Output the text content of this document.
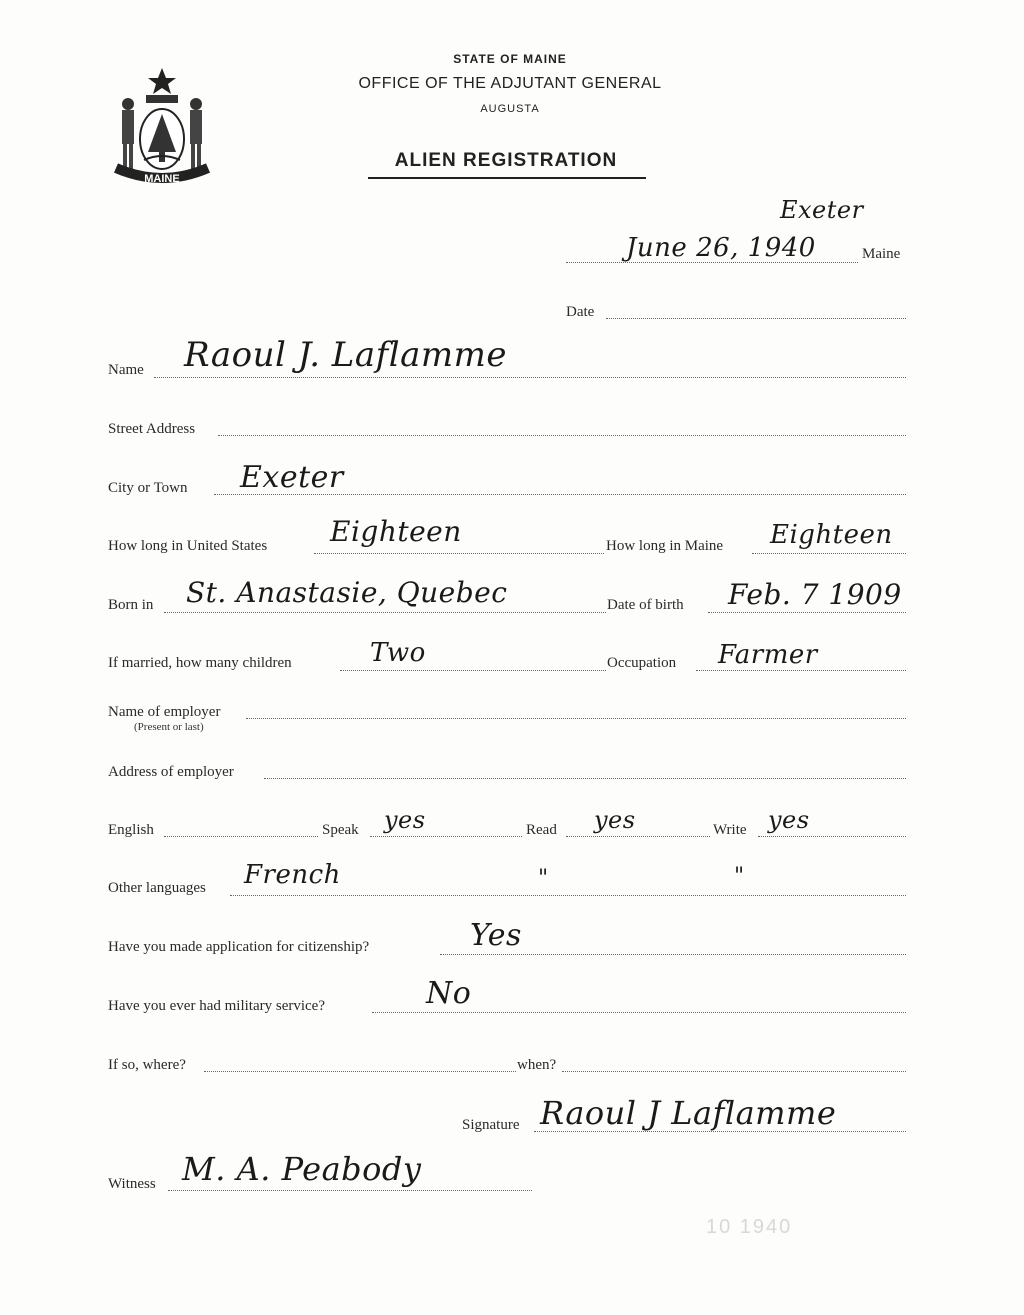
MAINE
STATE OF MAINE
OFFICE OF THE ADJUTANT GENERAL
AUGUSTA
ALIEN REGISTRATION
Exeter
June 26, 1940	Maine
Date
Name Raoul J. Laflamme
Street Address
City or Town Exeter
How long in United States Eighteen	How long in Maine Eighteen
Born in St. Anastasie, Quebec	Date of birth Feb. 7 1909
If married, how many children	Two	Occupation Farmer
Name of employer
(Present or last)
Address of employer
English	Speak yes	Read yes	Write yes
Other languages French	"	"
Have you made application for citizenship?	Yes
Have you ever had military service?	No
If so, where?	when?
Signature Raoul J Laflamme
Witness M. A. Peabody
10 1940
